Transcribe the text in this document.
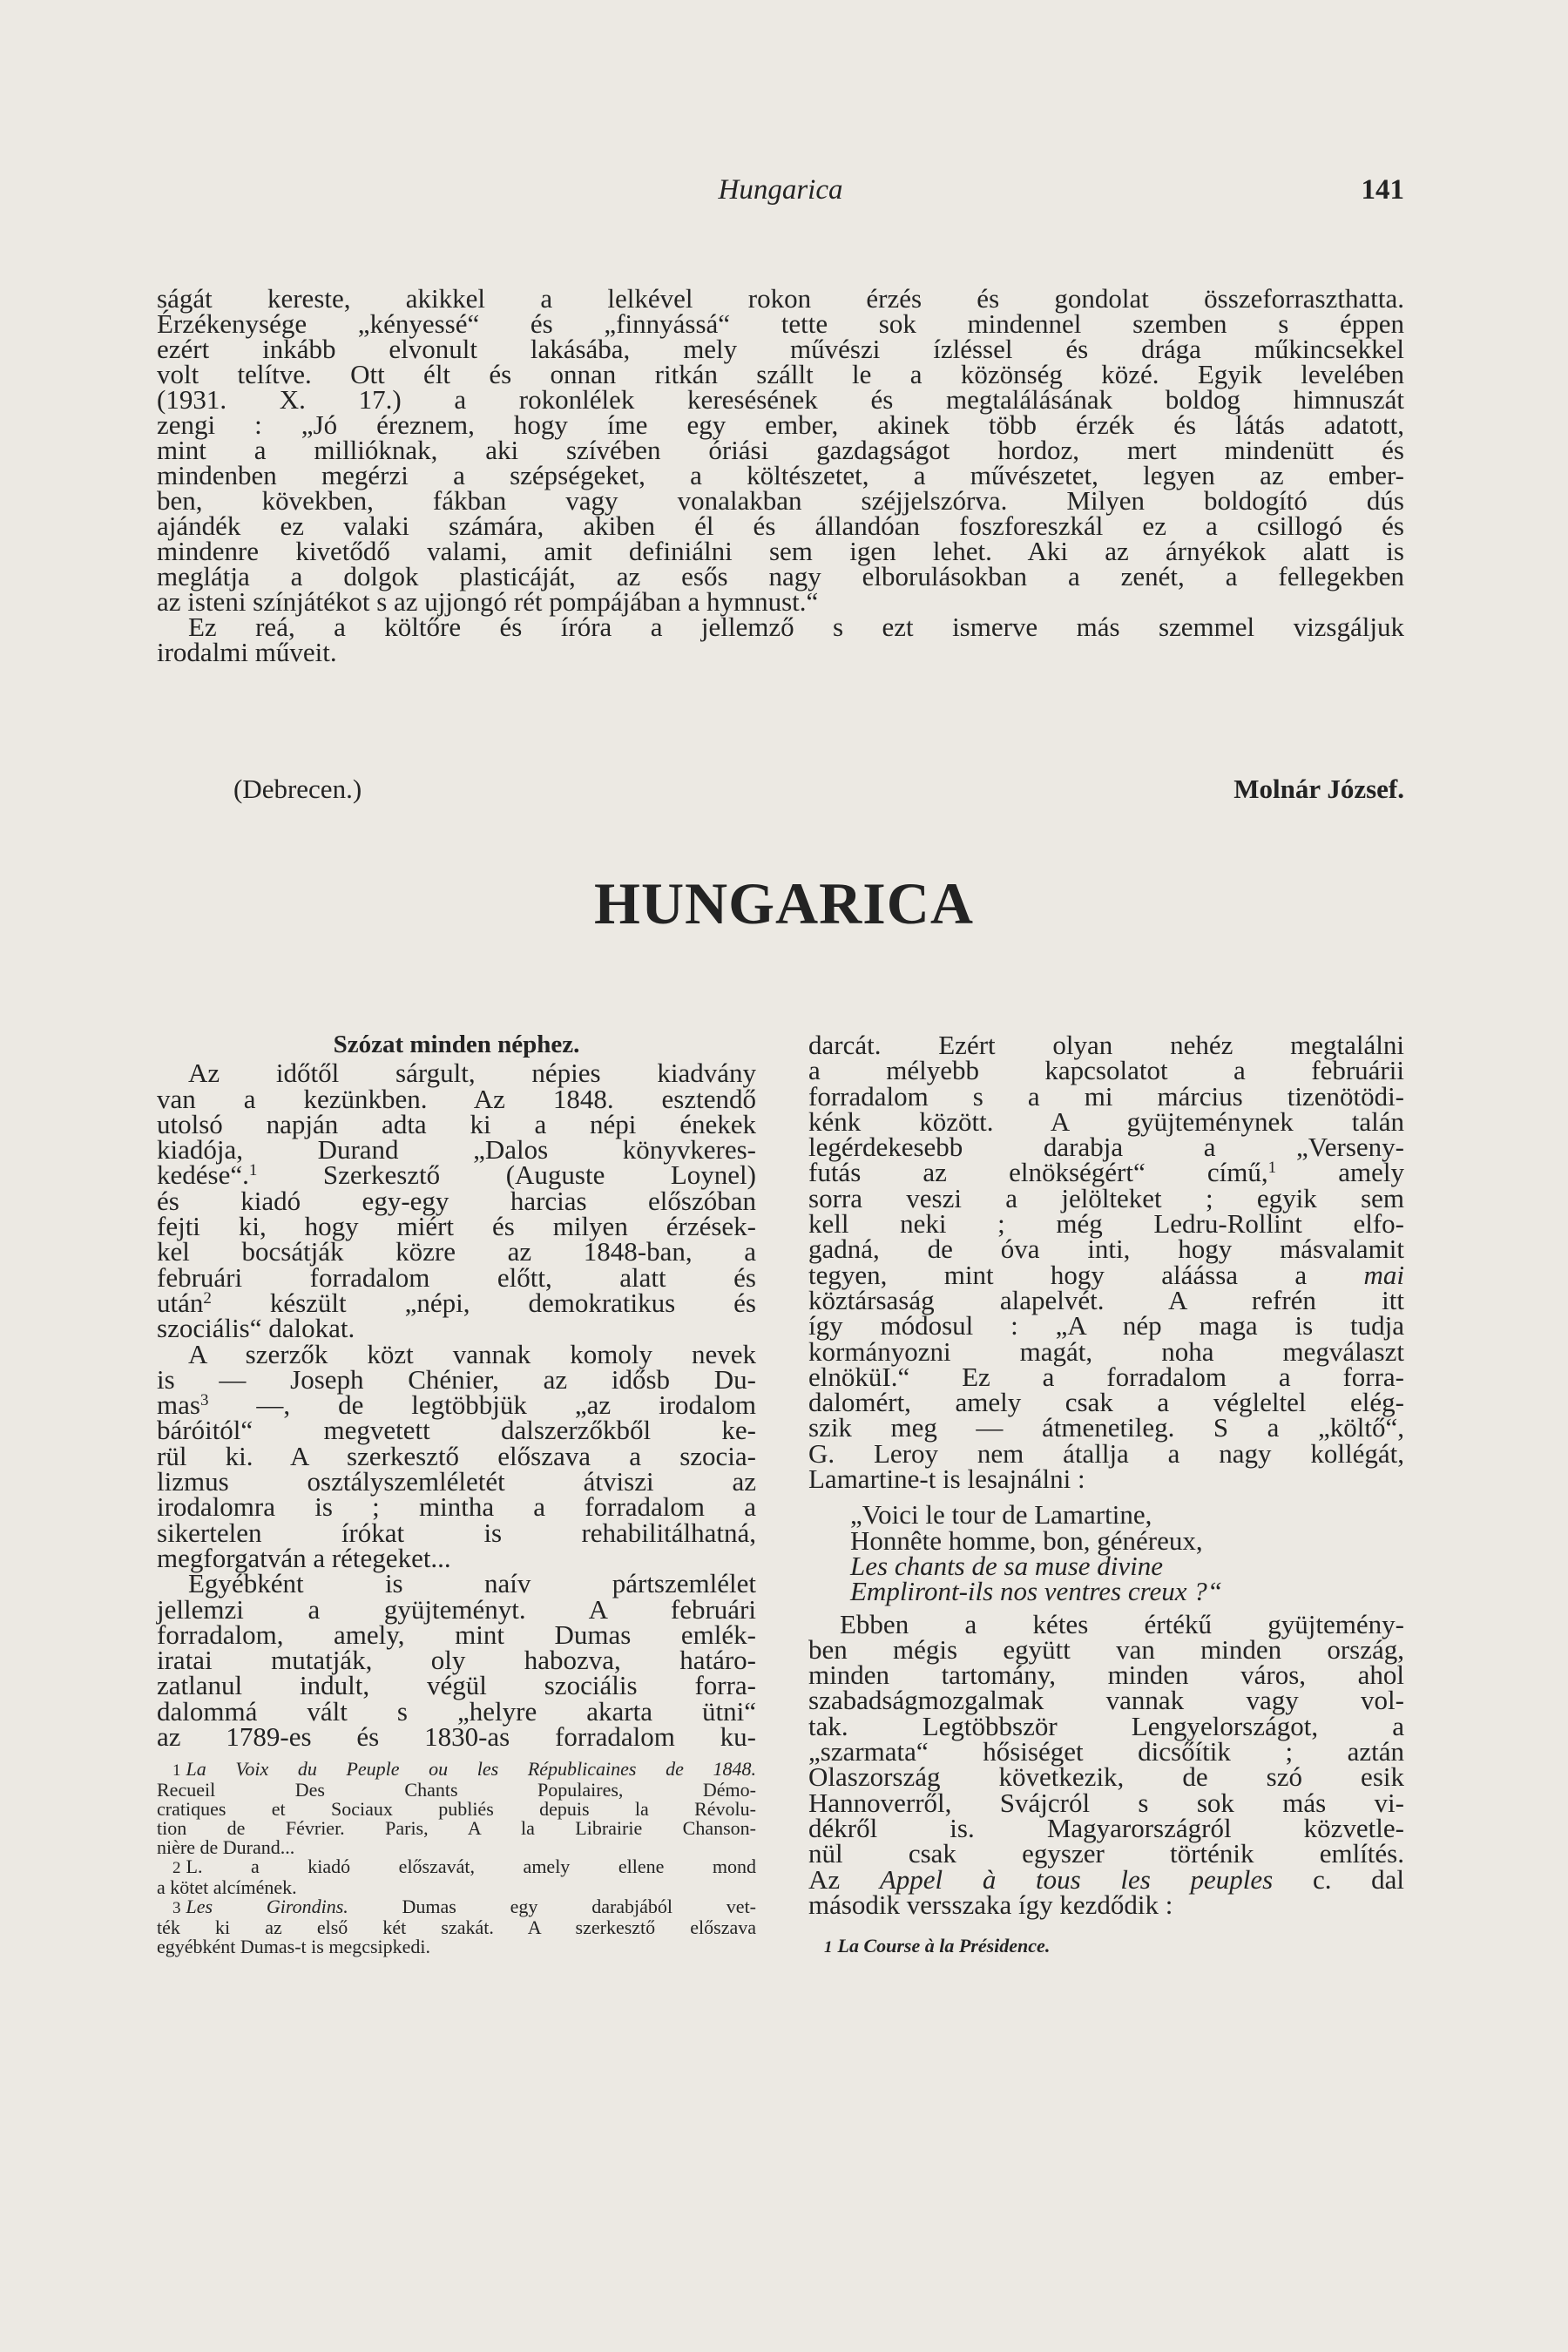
Hungarica	141
ságát kereste, akikkel a lelkével rokon érzés és gondolat összeforraszthatta.
Érzékenysége „kényessé“ és „finnyássá“ tette sok mindennel szemben s éppen
ezért inkább elvonult lakásába, mely művészi ízléssel és drága műkincsekkel
volt telítve. Ott élt és onnan ritkán szállt le a közönség közé. Egyik levelében
(1931. X. 17.) a rokonlélek keresésének és megtalálásának boldog himnuszát
zengi : „Jó éreznem, hogy íme egy ember, akinek több érzék és látás adatott,
mint a millióknak, aki szívében óriási gazdagságot hordoz, mert mindenütt és
mindenben megérzi a szépségeket, a költészetet, a művészetet, legyen az ember-
ben, kövekben, fákban vagy vonalakban széjjelszórva. Milyen boldogító dús
ajándék ez valaki számára, akiben él és állandóan foszforeszkál ez a csillogó és
mindenre kivetődő valami, amit definiálni sem igen lehet. Aki az árnyékok alatt is
meglátja a dolgok plasticáját, az esős nagy elborulásokban a zenét, a fellegekben
az isteni színjátékot s az ujjongó rét pompájában a hymnust.“
Ez reá, a költőre és íróra a jellemző s ezt ismerve más szemmel vizsgáljuk
irodalmi műveit.
(Debrecen.)	Molnár József.
HUNGARICA
Szózat minden néphez.
Az időtől sárgult, népies kiadvány
van a kezünkben. Az 1848. esztendő
utolsó napján adta ki a népi énekek
kiadója, Durand „Dalos könyvkeres-
kedése“.$^1$ Szerkesztő (Auguste Loynel)
és kiadó egy-egy harcias előszóban
fejti ki, hogy miért és milyen érzések-
kel bocsátják közre az 1848-ban, a
februári forradalom előtt, alatt és
után$^2$ készült „népi, demokratikus és
szociális“ dalokat.
A szerzők közt vannak komoly nevek
is — Joseph Chénier, az idősb Du-
mas$^3$ —, de legtöbbjük „az irodalom
báróitól“ megvetett dalszerzőkből ke-
rül ki. A szerkesztő előszava a szocia-
lizmus osztályszemléletét átviszi az
irodalomra is ; mintha a forradalom a
sikertelen írókat is rehabilitálhatná,
megforgatván a rétegeket...
Egyébként is naív pártszemlélet
jellemzi a gyüjteményt. A februári
forradalom, amely, mint Dumas emlék-
iratai mutatják, oly habozva, határo-
zatlanul indult, végül szociális forra-
dalommá vált s „helyre akarta ütni“
az 1789-es és 1830-as forradalom ku-
1 La Voix du Peuple ou les Républicaines de 1848.
Recueil Des Chants Populaires, Démo-
cratiques et Sociaux publiés depuis la Révolu-
tion de Février. Paris, A la Librairie Chanson-
nière de Durand...
2 L. a kiadó előszavát, amely ellene mond
a kötet alcímének.
3 Les Girondins.	Dumas egy darabjából vet-
ték ki az első két szakát. A szerkesztő előszava
egyébként Dumas-t is megcsipkedi.
darcát. Ezért olyan nehéz megtalálni
a mélyebb kapcsolatot a februárii
forradalom s a mi március tizenötödi-
kénk között. A gyüjteménynek talán
legérdekesebb darabja a „Verseny-
futás az elnökségért“ című,$^1$ amely
sorra veszi a jelölteket ; egyik sem
kell neki ; még Ledru-Rollint elfo-
gadná, de óva inti, hogy másvalamit
tegyen, mint hogy aláássa a mai
köztársaság alapelvét. A refrén itt
így módosul : „A nép maga is tudja
kormányozni magát, noha megválaszt
elnöküI.“ Ez a forradalom a forra-
dalomért, amely csak a végleltel elég-
szik meg — átmenetileg. S a „költő“,
G. Leroy nem átallja a nagy kollégát,
Lamartine-t is lesajnálni :
„Voici le tour de Lamartine,
Honnête homme, bon, généreux,
Les chants de sa muse divine
Empliront-ils nos ventres creux ?“
Ebben a kétes értékű gyüjtemény-
ben mégis együtt van minden ország,
minden tartomány, minden város, ahol
szabadságmozgalmak vannak vagy vol-
tak. Legtöbbször Lengyelországot, a
„szarmata“ hősiséget dicsőítik ; aztán
Olaszország következik, de szó esik
Hannoverről, Svájcról s sok más vi-
dékről is. Magyarországról közvetle-
nül csak egyszer történik említés.
Az Appel à tous les peuples c. dal
második versszaka így kezdődik :
1 La Course à la Présidence.
